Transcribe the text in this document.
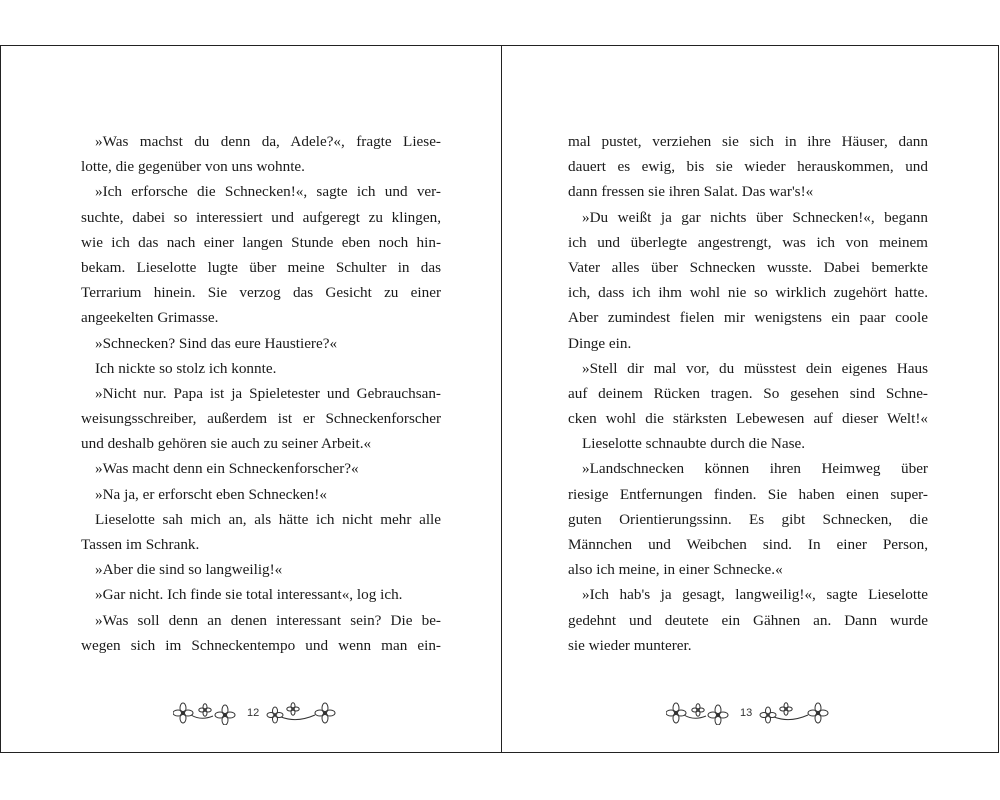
»Was machst du denn da, Adele?«, fragte Liese-
lotte, die gegenüber von uns wohnte.
»Ich erforsche die Schnecken!«, sagte ich und ver-
suchte, dabei so interessiert und aufgeregt zu klingen,
wie ich das nach einer langen Stunde eben noch hin-
bekam. Lieselotte lugte über meine Schulter in das
Terrarium hinein. Sie verzog das Gesicht zu einer
angeekelten Grimasse.
»Schnecken? Sind das eure Haustiere?«
Ich nickte so stolz ich konnte.
»Nicht nur. Papa ist ja Spieletester und Gebrauchsan-
weisungsschreiber, außerdem ist er Schneckenforscher
und deshalb gehören sie auch zu seiner Arbeit.«
»Was macht denn ein Schneckenforscher?«
»Na ja, er erforscht eben Schnecken!«
Lieselotte sah mich an, als hätte ich nicht mehr alle
Tassen im Schrank.
»Aber die sind so langweilig!«
»Gar nicht. Ich finde sie total interessant«, log ich.
»Was soll denn an denen interessant sein? Die be-
wegen sich im Schneckentempo und wenn man ein-
mal pustet, verziehen sie sich in ihre Häuser, dann
dauert es ewig, bis sie wieder herauskommen, und
dann fressen sie ihren Salat. Das war's!«
»Du weißt ja gar nichts über Schnecken!«, begann
ich und überlegte angestrengt, was ich von meinem
Vater alles über Schnecken wusste. Dabei bemerkte
ich, dass ich ihm wohl nie so wirklich zugehört hatte.
Aber zumindest fielen mir wenigstens ein paar coole
Dinge ein.
»Stell dir mal vor, du müsstest dein eigenes Haus
auf deinem Rücken tragen. So gesehen sind Schne-
cken wohl die stärksten Lebewesen auf dieser Welt!«
Lieselotte schnaubte durch die Nase.
»Landschnecken können ihren Heimweg über
riesige Entfernungen finden. Sie haben einen super-
guten Orientierungssinn. Es gibt Schnecken, die
Männchen und Weibchen sind. In einer Person,
also ich meine, in einer Schnecke.«
»Ich hab's ja gesagt, langweilig!«, sagte Lieselotte
gedehnt und deutete ein Gähnen an. Dann wurde
sie wieder munterer.
12	13
